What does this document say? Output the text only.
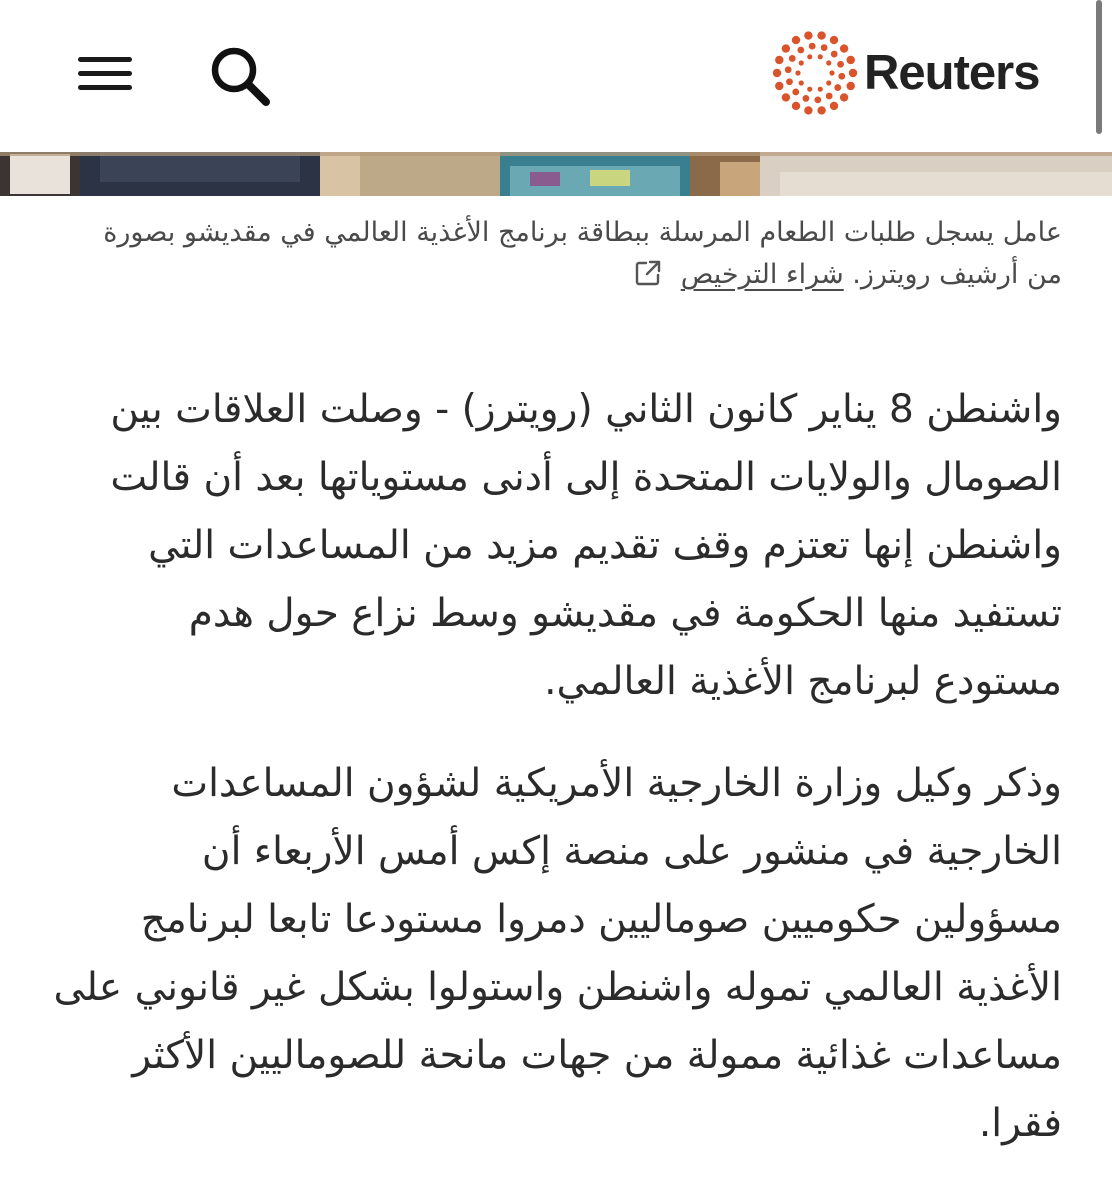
Reuters
عامل يسجل طلبات الطعام المرسلة ببطاقة برنامج الأغذية العالمي في مقديشو بصورة من أرشيف رويترز. شراء الترخيص

واشنطن 8 يناير كانون الثاني (رويترز) - وصلت العلاقات بين الصومال والولايات المتحدة إلى أدنى مستوياتها بعد أن قالت واشنطن إنها تعتزم وقف تقديم مزيد من المساعدات التي تستفيد منها الحكومة في مقديشو وسط نزاع حول هدم مستودع لبرنامج الأغذية العالمي.

وذكر وكيل وزارة الخارجية الأمريكية لشؤون المساعدات الخارجية في منشور على منصة إكس أمس الأربعاء أن مسؤولين حكوميين صوماليين دمروا مستودعا تابعا لبرنامج الأغذية العالمي تموله واشنطن واستولوا بشكل غير قانوني على مساعدات غذائية ممولة من جهات مانحة للصوماليين الأكثر فقرا.
